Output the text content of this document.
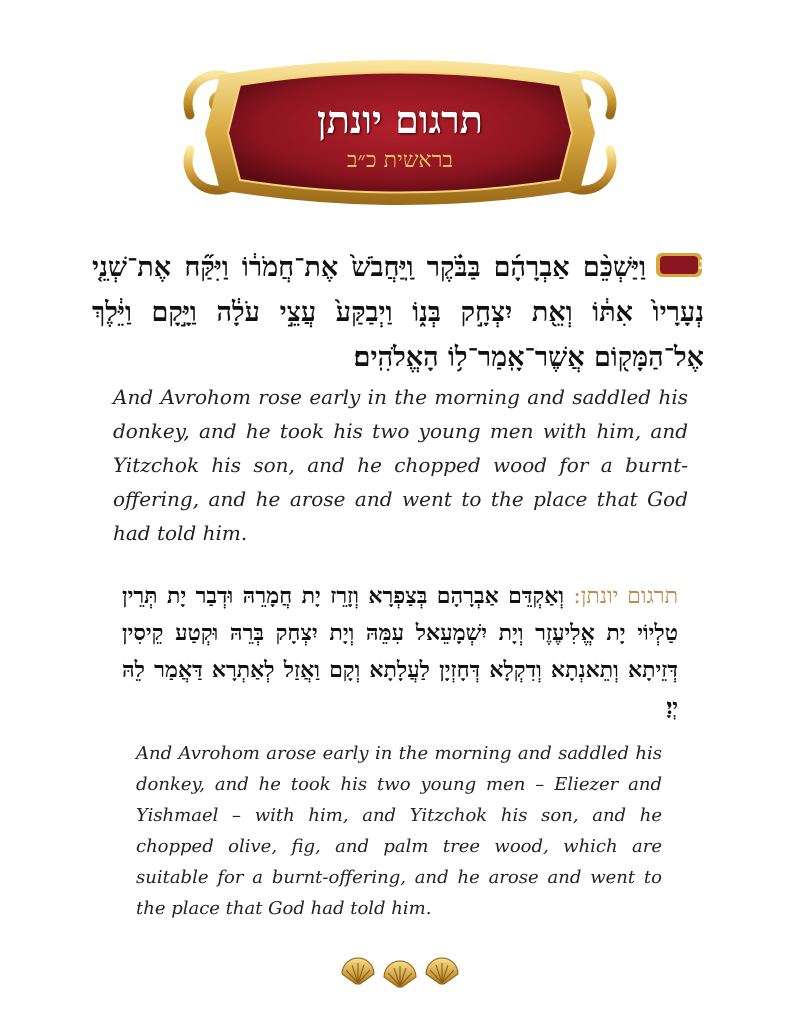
תרגום יונתן
בראשית כ״ב
ג
וַיַּשְׁכֵּ֨ם אַבְרָהָ֜ם בַּבֹּ֗קֶר וַֽיַּחֲבֹשׁ֙ אֶת־חֲמֹר֔וֹ וַיִּקַּ֞ח אֶת־שְׁנֵ֤י נְעָרָיו֙ אִתּ֔וֹ וְאֵ֖ת יִצְחָ֣ק בְּנ֑וֹ וַיְבַקַּע֙ עֲצֵ֣י עֹלָ֔ה וַיָּ֣קָם וַיֵּ֔לֶךְ אֶל־הַמָּק֖וֹם אֲשֶׁר־אָֽמַר־ל֥וֹ הָאֱלֹהִֽים׃
And Avrohom rose early in the morning and saddled his donkey, and he took his two young men with him, and Yitzchok his son, and he chopped wood for a burnt-offering, and he arose and went to the place that God had told him.
תרגום יונתן: וְאַקְדֵּם אַבְרָהָם בְּצַפְרָא וְזָרֵז יָת חֲמָרֵהּ וּדְבַר יָת תְּרֵין טַלְיוֹי יָת אֱלִיעֶזֶר וְיָת יִשְׁמָעֵאל עִמֵּהּ וְיָת יִצְחָק בְּרֵהּ וּקְטַע קֵיסִין דְּזֵיתָא וְתֵאנְתָא וְדִקְלָא דְּחָזְיָן לַעֲלָתָא וְקָם וַאֲזַל לְאַתְרָא דַּאֲמַר לֵהּ יְיָ׃
And Avrohom arose early in the morning and saddled his donkey, and he took his two young men – Eliezer and Yishmael – with him, and Yitzchok his son, and he chopped olive, fig, and palm tree wood, which are suitable for a burnt-offering, and he arose and went to the place that God had told him.
